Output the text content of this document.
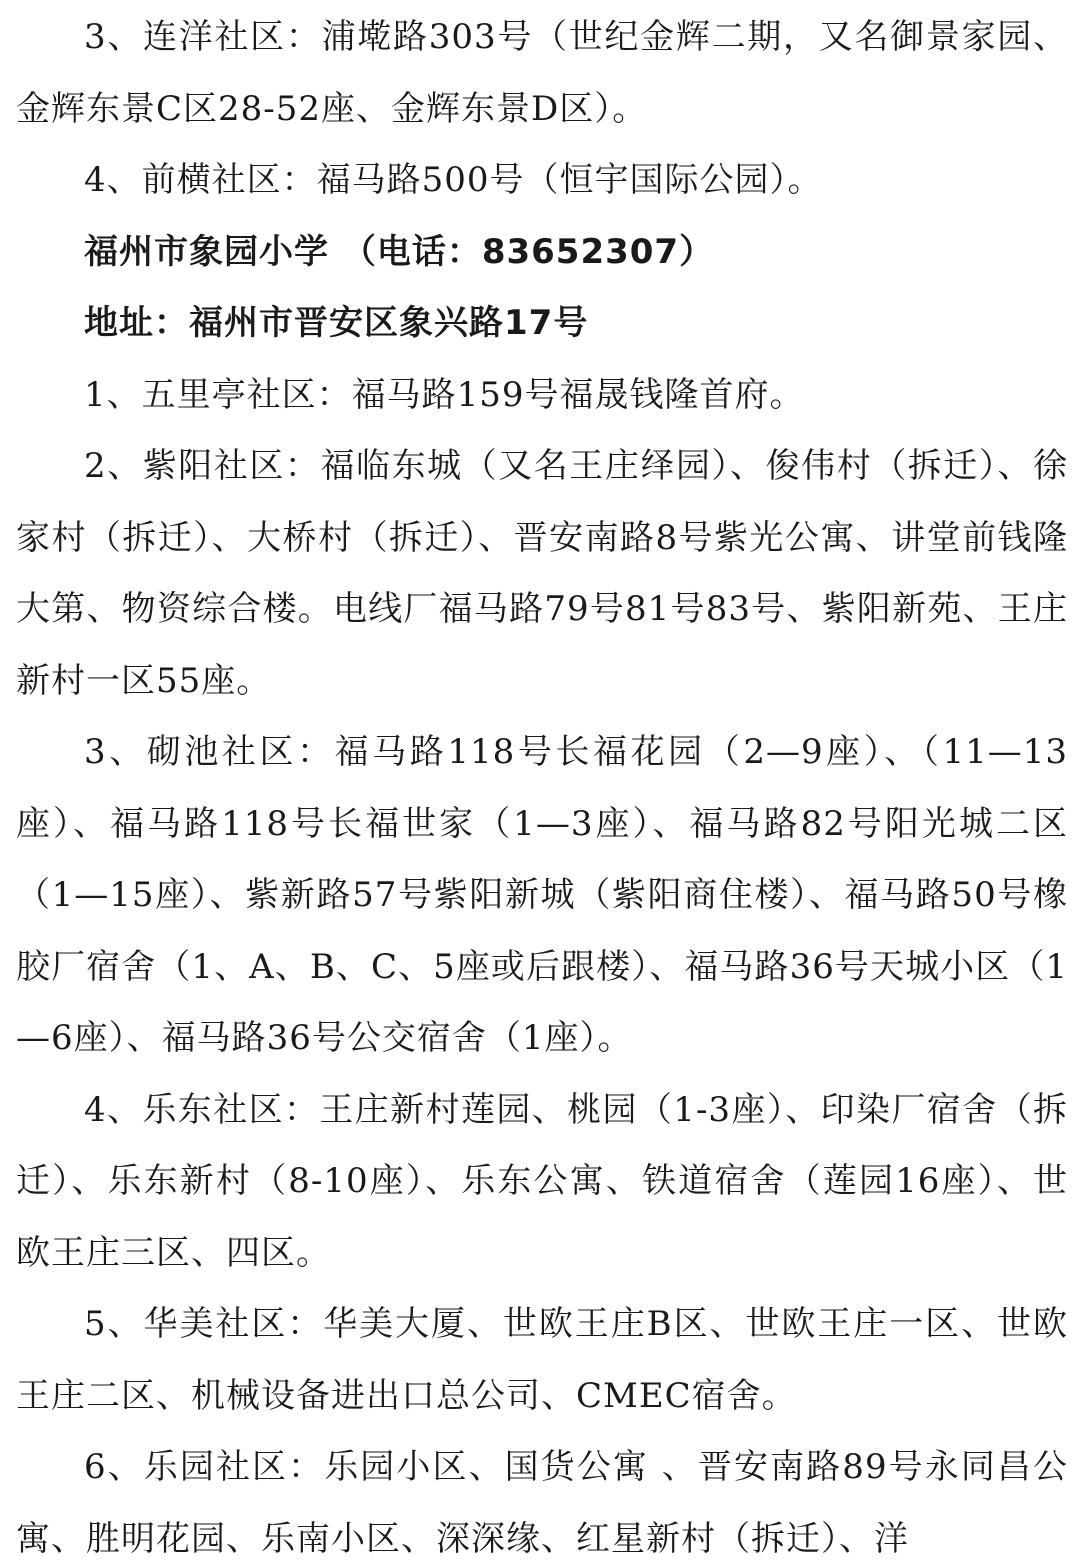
3、连洋社区：浦墘路303号（世纪金辉二期，又名御景家园、金辉东景C区28-52座、金辉东景D区）。

4、前横社区：福马路500号（恒宇国际公园）。

福州市象园小学 （电话：83652307）

地址：福州市晋安区象兴路17号

1、五里亭社区：福马路159号福晟钱隆首府。

2、紫阳社区：福临东城（又名王庄绎园）、俊伟村（拆迁）、徐家村（拆迁）、大桥村（拆迁）、晋安南路8号紫光公寓、讲堂前钱隆大第、物资综合楼。电线厂福马路79号81号83号、紫阳新苑、王庄新村一区55座。

3、砌池社区：福马路118号长福花园（2—9座）、（11—13座）、福马路118号长福世家（1—3座）、福马路82号阳光城二区（1—15座）、紫新路57号紫阳新城（紫阳商住楼）、福马路50号橡胶厂宿舍（1、A、B、C、5座或后跟楼）、福马路36号天城小区（1—6座）、福马路36号公交宿舍（1座）。

4、乐东社区：王庄新村莲园、桃园（1-3座）、印染厂宿舍（拆迁）、乐东新村（8-10座）、乐东公寓、铁道宿舍（莲园16座）、世欧王庄三区、四区。

5、华美社区：华美大厦、世欧王庄B区、世欧王庄一区、世欧王庄二区、机械设备进出口总公司、CMEC宿舍。

6、乐园社区：乐园小区、国货公寓 、晋安南路89号永同昌公寓、胜明花园、乐南小区、深深缘、红星新村（拆迁）、洋
